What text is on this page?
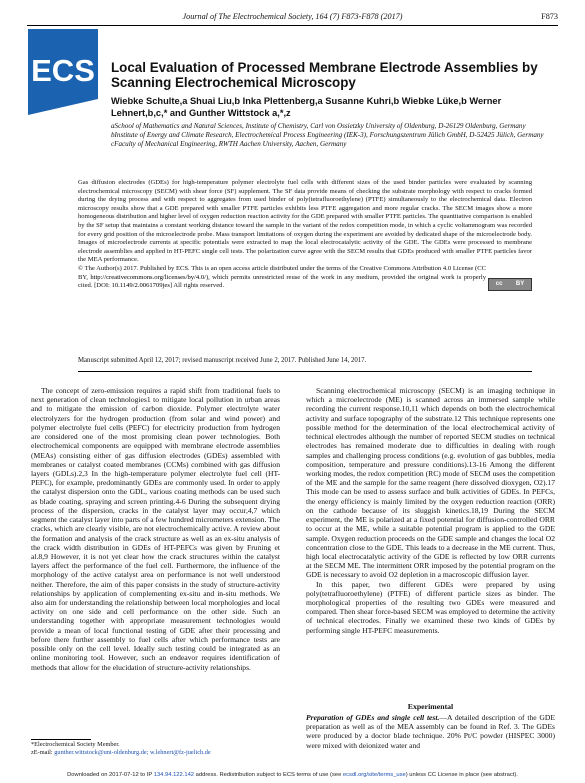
Journal of The Electrochemical Society, 164 (7) F873-F878 (2017)	F873
ECS Local Evaluation of Processed Membrane Electrode Assemblies by Scanning Electrochemical Microscopy
Wiebke Schulte,a Shuai Liu,b Inka Plettenberg,a Susanne Kuhri,b Wiebke Lüke,b Werner Lehnert,b,c,* and Gunther Wittstock a,*,z
aSchool of Mathematics and Natural Sciences, Institute of Chemistry, Carl von Ossietzky University of Oldenburg, D-26129 Oldenburg, Germany
bInstitute of Energy and Climate Research, Electrochemical Process Engineering (IEK-3), Forschungszentrum Jülich GmbH, D-52425 Jülich, Germany
cFaculty of Mechanical Engineering, RWTH Aachen University, Aachen, Germany
Gas diffusion electrodes (GDEs) for high-temperature polymer electrolyte fuel cells with different sizes of the used binder particles were evaluated by scanning electrochemical microscopy (SECM) with shear force (SF) supplement. The SF data provide means of checking the substrate morphology with respect to cracks formed during the drying process and with respect to aggregates from used binder of poly(tetrafluoroethylene) (PTFE) simultaneously to the electrochemical data. Electron microscopy results show that a GDE prepared with smaller PTFE particles exhibits less PTFE aggregation and more regular cracks. The SECM images show a more homogeneous distribution and higher level of oxygen reduction reaction activity for the GDE prepared with smaller PTFE particles. The quantitative comparison is enabled by the SF setup that maintains a constant working distance toward the sample in the variant of the redox competition mode, in which a cyclic voltammogram was recorded for every grid position of the microelectrode probe. Mass transport limitations of oxygen during the experiment are avoided by dedicated shape of the microelectrode body. Images of microelectrode currents at specific potentials were extracted to map the local electrocatalytic activity of the GDE. The GDEs were processed to membrane electrode assemblies and applied in HT-PEFC single cell tests. The polarization curve agree with the SECM results that GDEs produced with smaller PTFE particles favor the MEA performance.
© The Author(s) 2017. Published by ECS. This is an open access article distributed under the terms of the Creative Commons Attribution 4.0 License (CC BY, http://creativecommons.org/licenses/by/4.0/), which permits unrestricted reuse of the work in any medium, provided the original work is properly cited. [DOI: 10.1149/2.0061709jes] All rights reserved.	cc BY
Manuscript submitted April 12, 2017; revised manuscript received June 2, 2017. Published June 14, 2017.
The concept of zero-emission requires a rapid shift from traditional fuels to next generation of clean technologies1 to mitigate local pollution in urban areas and to mitigate the emission of carbon dioxide. Polymer electrolyte water electrolyzers for the hydrogen production (from solar and wind power) and polymer electrolyte fuel cells (PEFC) for electricity production from hydrogen are considered one of the most promising clean power technologies. Both electrochemical components are equipped with membrane electrode assemblies (MEAs) consisting either of gas diffusion electrodes (GDEs) assembled with membranes or catalyst coated membranes (CCMs) combined with gas diffusion layers (GDLs).2,3 In the high-temperature polymer electrolyte fuel cell (HT-PEFC), for example, predominantly GDEs are commonly used. In order to apply the catalyst dispersion onto the GDL, various coating methods can be used such as blade coating, spraying and screen printing.4-6 During the subsequent drying process of the dispersion, cracks in the catalyst layer may occur,4,7 which segment the catalyst layer into parts of a few hundred micrometers extension. The cracks, which are clearly visible, are not electrochemically active. A review about the formation and analysis of the crack structure as well as an ex-situ analysis of the crack width distribution in GDEs of HT-PEFCs was given by Fruning et al.8,9 However, it is not yet clear how the crack structures within the catalyst layers affect the performance of the fuel cell. Furthermore, the influence of the morphology of the active catalyst area on performance is not well understood neither. Therefore, the aim of this paper consists in the study of structure-activity relationships by application of complementing ex-situ and in-situ methods. We also aim for understanding the relationship between local morphologies and local activity on one side and cell performance on the other side. Such an understanding together with appropriate measurement technologies would provide a mean of local functional testing of GDE after their processing and before there further assembly to fuel cells after which performance tests are possible only on the cell level. Ideally such testing could be integrated as an online monitoring tool. However, such an endeavor requires identification of methods that allow for the elucidation of structure-activity relationships.
Scanning electrochemical microscopy (SECM) is an imaging technique in which a microelectrode (ME) is scanned across an immersed sample while recording the current response.10,11 which depends on both the electrochemical activity and surface topography of the substrate.12 This technique represents one possible method for the determination of the local electrochemical activity of technical electrodes although the number of reported SECM studies on technical electrodes has remained moderate due to difficulties in dealing with rough samples and challenging process conditions (e.g. evolution of gas bubbles, media composition, temperature and pressure conditions).13-16 Among the different working modes, the redox competition (RC) mode of SECM uses the competition of the ME and the sample for the same reagent (here dissolved dioxygen, O2).17 This mode can be used to assess surface and bulk activities of GDEs. In PEFCs, the energy efficiency is mainly limited by the oxygen reduction reaction (ORR) on the cathode because of its sluggish kinetics.18,19 During the SECM experiment, the ME is polarized at a fixed potential for diffusion-controlled ORR to occur at the ME, while a suitable potential program is applied to the GDE sample. Oxygen reduction proceeds on the GDE sample and changes the local O2 concentration close to the GDE. This leads to a decrease in the ME current. Thus, high local electrocatalytic activity of the GDE is reflected by low ORR currents at the SECM ME. The intermittent ORR imposed by the potential program on the GDE is necessary to avoid O2 depletion in a macroscopic diffusion layer.
In this paper, two different GDEs were prepared by using poly(tetrafluoroethylene) (PTFE) of different particle sizes as binder. The morphological properties of the resulting two GDEs were measured and compared. Then shear force-based SECM was employed to determine the activity of technical electrodes. Finally we examined these two kinds of GDEs by performing single HT-PEFC measurements.
Experimental
Preparation of GDEs and single cell test.—A detailed description of the GDE preparation as well as of the MEA assembly can be found in Ref. 3. The GDEs were produced by a doctor blade technique. 20% Pt/C powder (HISPEC 3000) were mixed with deionized water and
*Electrochemical Society Member.
zE-mail: gunther.wittstock@uni-oldenburg.de; w.lehnert@fz-juelich.de
Downloaded on 2017-07-12 to IP 134.94.122.142 address. Redistribution subject to ECS terms of use (see ecsdl.org/site/terms_use) unless CC License in place (see abstract).
